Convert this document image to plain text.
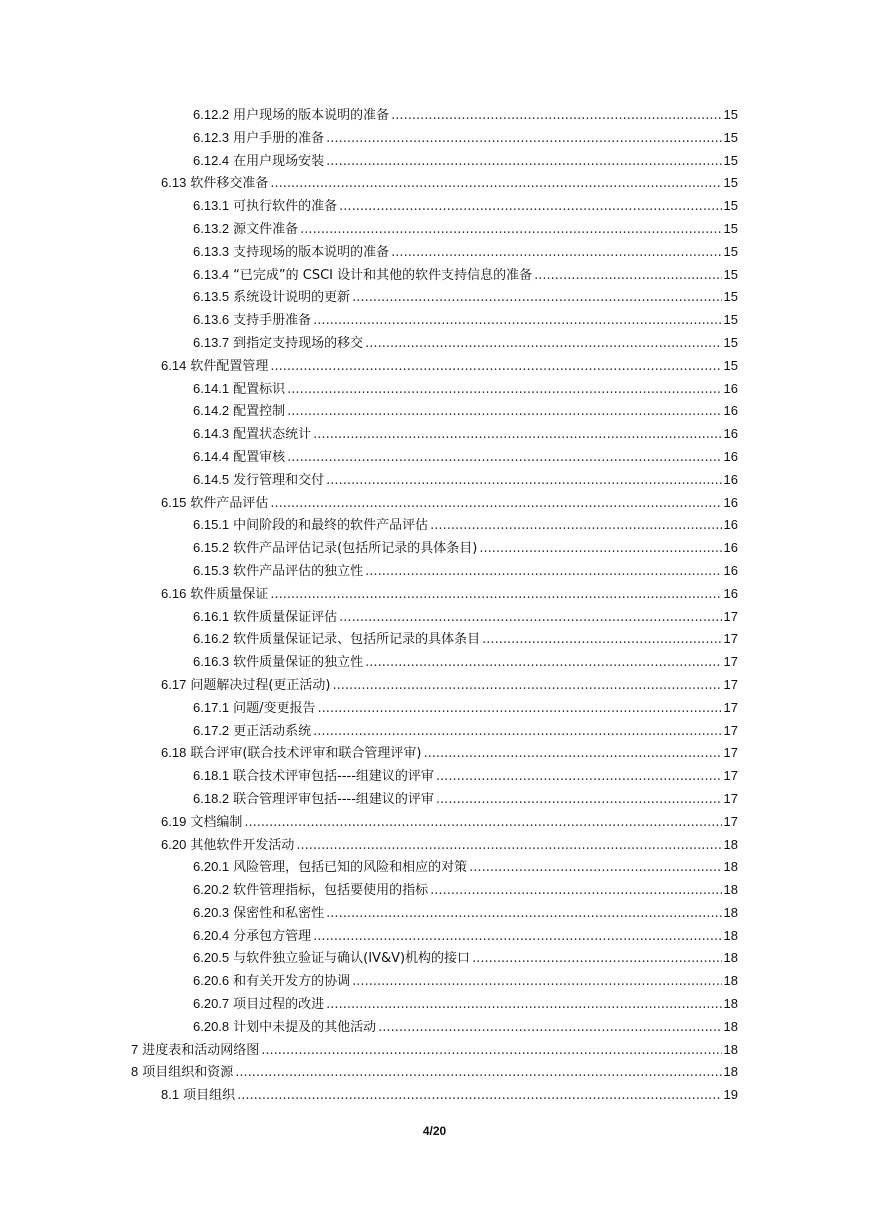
6.12.2 用户现场的版本说明的准备 .....	15
6.12.3 用户手册的准备 .....	15
6.12.4 在用户现场安装 .....	15
6.13 软件移交准备 .....	15
6.13.1 可执行软件的准备 .....	15
6.13.2 源文件准备 .....	15
6.13.3 支持现场的版本说明的准备 .....	15
6.13.4 “已完成”的 CSCI 设计和其他的软件支持信息的准备 .....	15
6.13.5 系统设计说明的更新 .....	15
6.13.6 支持手册准备 .....	15
6.13.7 到指定支持现场的移交 .....	15
6.14 软件配置管理 .....	15
6.14.1 配置标识 .....	16
6.14.2 配置控制 .....	16
6.14.3 配置状态统计 .....	16
6.14.4 配置审核 .....	16
6.14.5 发行管理和交付 .....	16
6.15 软件产品评估 .....	16
6.15.1 中间阶段的和最终的软件产品评估 .....	16
6.15.2 软件产品评估记录(包括所记录的具体条目) .....	16
6.15.3 软件产品评估的独立性 .....	16
6.16 软件质量保证 .....	16
6.16.1 软件质量保证评估 .....	17
6.16.2 软件质量保证记录、包括所记录的具体条目 .....	17
6.16.3 软件质量保证的独立性 .....	17
6.17 问题解决过程(更正活动) .....	17
6.17.1 问题/变更报告 .....	17
6.17.2 更正活动系统 .....	17
6.18 联合评审(联合技术评审和联合管理评审) .....	17
6.18.1 联合技术评审包括----组建议的评审 .....	17
6.18.2 联合管理评审包括----组建议的评审 .....	17
6.19 文档编制 .....	17
6.20 其他软件开发活动 .....	18
6.20.1 风险管理，包括已知的风险和相应的对策 .....	18
6.20.2 软件管理指标，包括要使用的指标 .....	18
6.20.3 保密性和私密性 .....	18
6.20.4 分承包方管理 .....	18
6.20.5 与软件独立验证与确认(IV&V)机构的接口 .....	18
6.20.6 和有关开发方的协调 .....	18
6.20.7 项目过程的改进 .....	18
6.20.8 计划中未提及的其他活动 .....	18
7 进度表和活动网络图 .....	18
8 项目组织和资源 .....	18
8.1 项目组织 .....	19
4/20
